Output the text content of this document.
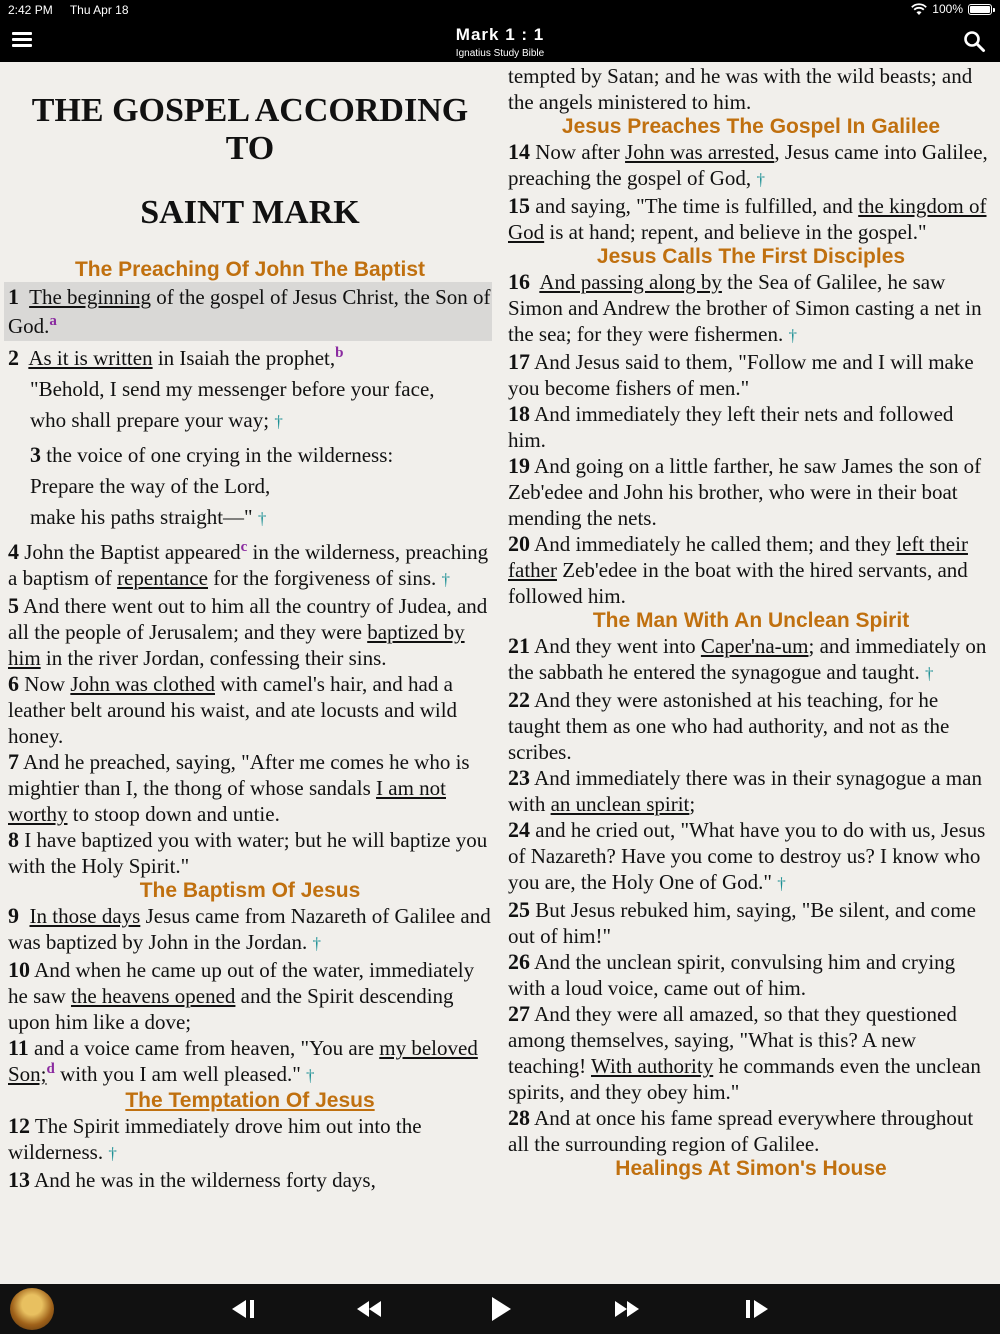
2:42 PM Thu Apr 18	100%
Mark 1 : 1
Ignatius Study Bible

THE GOSPEL ACCORDING TO

SAINT MARK

The Preaching Of John The Baptist

1 The beginning of the gospel of Jesus Christ, the Son of God.$^a$

2 As it is written in Isaiah the prophet,$^b$

"Behold, I send my messenger before your face,

who shall prepare your way; †

3 the voice of one crying in the wilderness:

Prepare the way of the Lord,

make his paths straight—" †

4 John the Baptist appeared$^c$ in the wilderness, preaching a baptism of repentance for the forgiveness of sins. †

5 And there went out to him all the country of Judea, and all the people of Jerusalem; and they were baptized by him in the river Jordan, confessing their sins.

6 Now John was clothed with camel's hair, and had a leather belt around his waist, and ate locusts and wild honey.

7 And he preached, saying, "After me comes he who is mightier than I, the thong of whose sandals I am not worthy to stoop down and untie.

8 I have baptized you with water; but he will baptize you with the Holy Spirit."

The Baptism Of Jesus

9 In those days Jesus came from Nazareth of Galilee and was baptized by John in the Jordan. †

10 And when he came up out of the water, immediately he saw the heavens opened and the Spirit descending upon him like a dove;

11 and a voice came from heaven, "You are my beloved Son;$^d$ with you I am well pleased." †

The Temptation Of Jesus

12 The Spirit immediately drove him out into the wilderness. †

13 And he was in the wilderness forty days,

tempted by Satan; and he was with the wild beasts; and the angels ministered to him.

Jesus Preaches The Gospel In Galilee

14 Now after John was arrested, Jesus came into Galilee, preaching the gospel of God, †

15 and saying, "The time is fulfilled, and the kingdom of God is at hand; repent, and believe in the gospel."

Jesus Calls The First Disciples

16 And passing along by the Sea of Galilee, he saw Simon and Andrew the brother of Simon casting a net in the sea; for they were fishermen. †

17 And Jesus said to them, "Follow me and I will make you become fishers of men."

18 And immediately they left their nets and followed him.

19 And going on a little farther, he saw James the son of Zeb'edee and John his brother, who were in their boat mending the nets.

20 And immediately he called them; and they left their father Zeb'edee in the boat with the hired servants, and followed him.

The Man With An Unclean Spirit

21 And they went into Caper'na-um; and immediately on the sabbath he entered the synagogue and taught. †

22 And they were astonished at his teaching, for he taught them as one who had authority, and not as the scribes.

23 And immediately there was in their synagogue a man with an unclean spirit;

24 and he cried out, "What have you to do with us, Jesus of Nazareth? Have you come to destroy us? I know who you are, the Holy One of God." †

25 But Jesus rebuked him, saying, "Be silent, and come out of him!"

26 And the unclean spirit, convulsing him and crying with a loud voice, came out of him.

27 And they were all amazed, so that they questioned among themselves, saying, "What is this? A new teaching! With authority he commands even the unclean spirits, and they obey him."

28 And at once his fame spread everywhere throughout all the surrounding region of Galilee.

Healings At Simon's House
